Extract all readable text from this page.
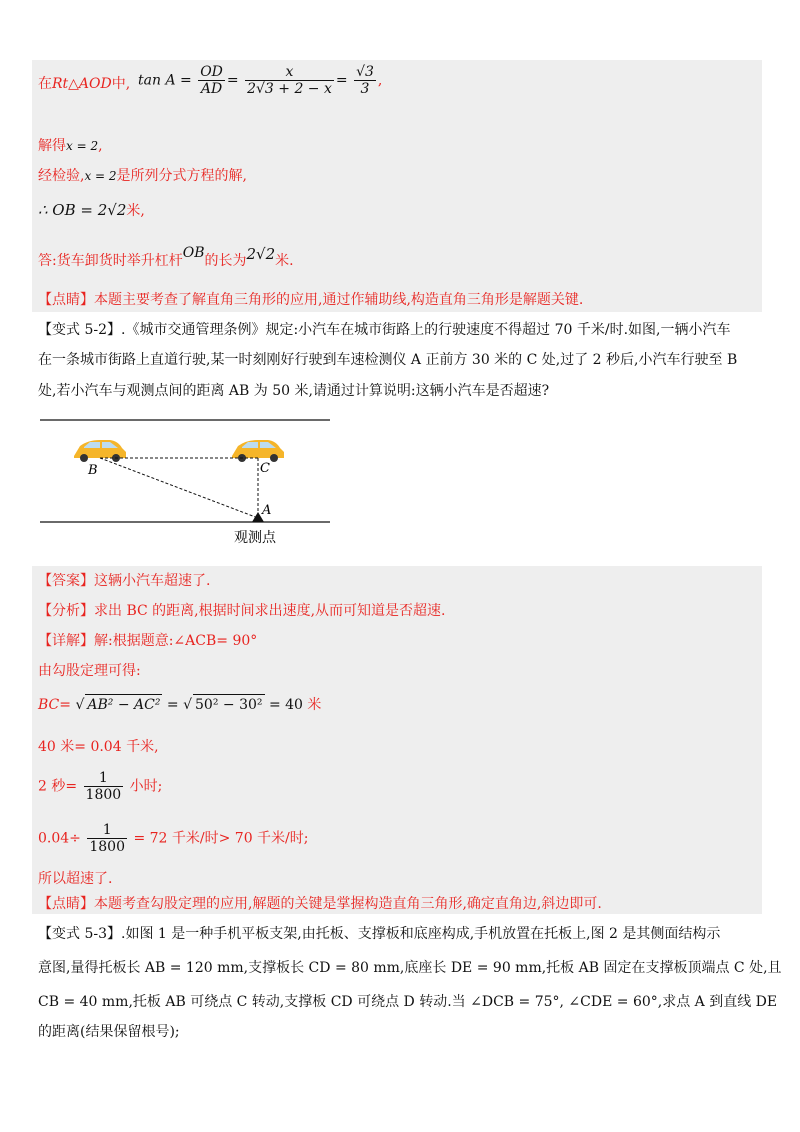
在Rt△AOD中, $\tan A = \frac{OD}{AD} = \frac{x}{2√3 + 2 - x} = \frac{√3}{3}$ ,
解得x = 2,
经检验,x = 2是所列分式方程的解,
∴ OB = 2√2米,
答:货车卸货时举升杠杆OB的长为2√2米.
【点睛】本题主要考查了解直角三角形的应用,通过作辅助线,构造直角三角形是解题关键.
【变式 5-2】.《城市交通管理条例》规定:小汽车在城市街路上的行驶速度不得超过 70 千米/时.如图,一辆小汽车
在一条城市街路上直道行驶,某一时刻刚好行驶到车速检测仪 A 正前方 30 米的 C 处,过了 2 秒后,小汽车行驶至 B
处,若小汽车与观测点间的距离 AB 为 50 米,请通过计算说明:这辆小汽车是否超速?
B	C
A
观测点
【答案】这辆小汽车超速了.
【分析】求出 BC 的距离,根据时间求出速度,从而可知道是否超速.
【详解】解:根据题意:∠ACB= 90°
由勾股定理可得:
BC= √ AB² − AC² = √ 50² − 30² = 40 米
40 米= 0.04 千米,
2 秒= $\frac{1}{1800}$ 小时;
$0.04\div \frac{1}{1800} = 72$ 千米/时> 70 千米/时;
所以超速了.
【点睛】本题考查勾股定理的应用,解题的关键是掌握构造直角三角形,确定直角边,斜边即可.
【变式 5-3】.如图 1 是一种手机平板支架,由托板、支撑板和底座构成,手机放置在托板上,图 2 是其侧面结构示
意图,量得托板长 AB = 120 mm,支撑板长 CD = 80 mm,底座长 DE = 90 mm,托板 AB 固定在支撑板顶端点 C 处,且
CB = 40 mm,托板 AB 可绕点 C 转动,支撑板 CD 可绕点 D 转动.当 ∠DCB = 75°, ∠CDE = 60°,求点 A 到直线 DE
的距离(结果保留根号);
